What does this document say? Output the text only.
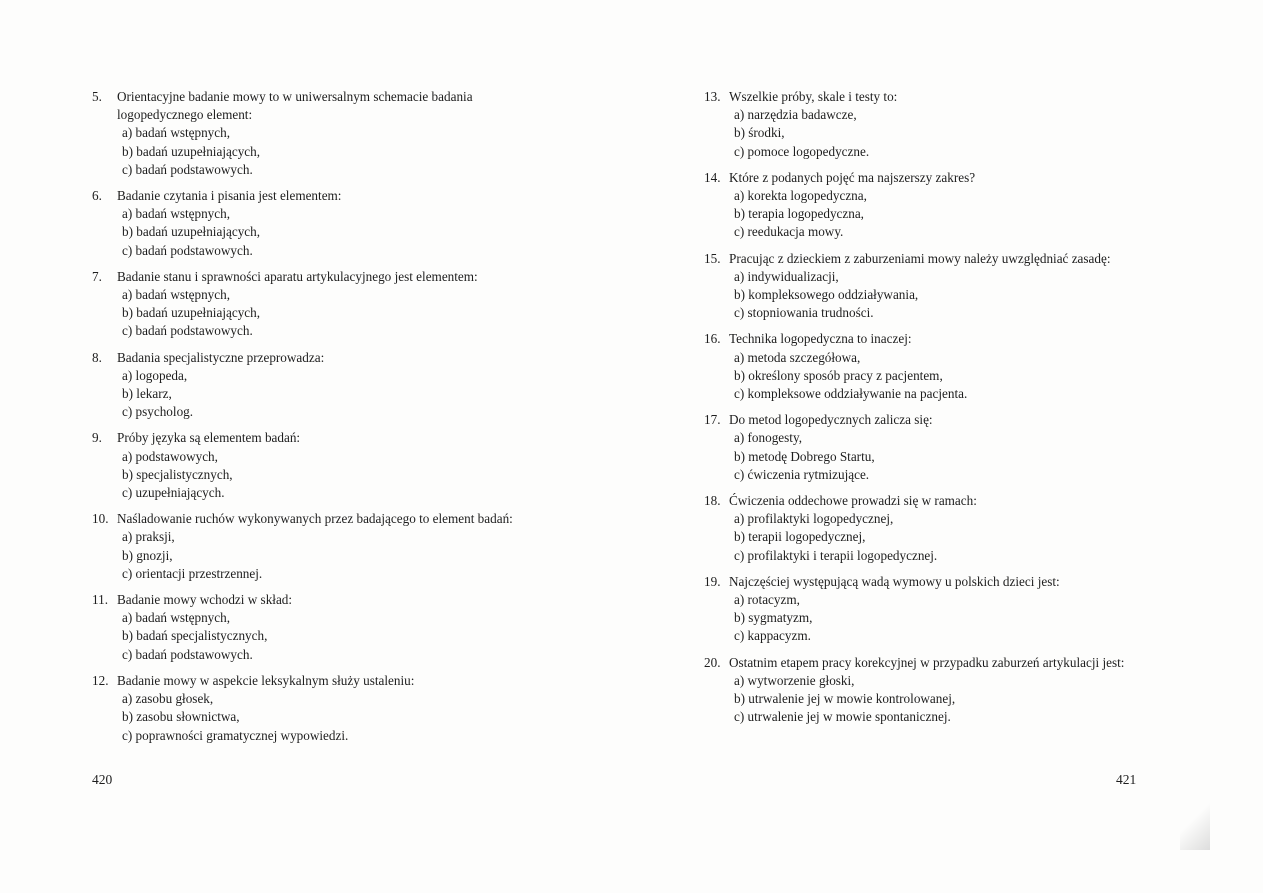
5.	Orientacyjne badanie mowy to w uniwersalnym schemacie badania logopedycznego element:
a) badań wstępnych,
b) badań uzupełniających,
c) badań podstawowych.
6.	Badanie czytania i pisania jest elementem:
a) badań wstępnych,
b) badań uzupełniających,
c) badań podstawowych.
7.	Badanie stanu i sprawności aparatu artykulacyjnego jest elementem:
a) badań wstępnych,
b) badań uzupełniających,
c) badań podstawowych.
8.	Badania specjalistyczne przeprowadza:
a) logopeda,
b) lekarz,
c) psycholog.
9.	Próby języka są elementem badań:
a) podstawowych,
b) specjalistycznych,
c) uzupełniających.
10. Naśladowanie ruchów wykonywanych przez badającego to element badań:
a) praksji,
b) gnozji,
c) orientacji przestrzennej.
11. Badanie mowy wchodzi w skład:
a) badań wstępnych,
b) badań specjalistycznych,
c) badań podstawowych.
12. Badanie mowy w aspekcie leksykalnym służy ustaleniu:
a) zasobu głosek,
b) zasobu słownictwa,
c) poprawności gramatycznej wypowiedzi.
13. Wszelkie próby, skale i testy to:
a) narzędzia badawcze,
b) środki,
c) pomoce logopedyczne.
14. Które z podanych pojęć ma najszerszy zakres?
a) korekta logopedyczna,
b) terapia logopedyczna,
c) reedukacja mowy.
15. Pracując z dzieckiem z zaburzeniami mowy należy uwzględniać zasadę:
a) indywidualizacji,
b) kompleksowego oddziaływania,
c) stopniowania trudności.
16. Technika logopedyczna to inaczej:
a) metoda szczegółowa,
b) określony sposób pracy z pacjentem,
c) kompleksowe oddziaływanie na pacjenta.
17. Do metod logopedycznych zalicza się:
a) fonogesty,
b) metodę Dobrego Startu,
c) ćwiczenia rytmizujące.
18. Ćwiczenia oddechowe prowadzi się w ramach:
a) profilaktyki logopedycznej,
b) terapii logopedycznej,
c) profilaktyki i terapii logopedycznej.
19. Najczęściej występującą wadą wymowy u polskich dzieci jest:
a) rotacyzm,
b) sygmatyzm,
c) kappacyzm.
20. Ostatnim etapem pracy korekcyjnej w przypadku zaburzeń artykulacji jest:
a) wytworzenie głoski,
b) utrwalenie jej w mowie kontrolowanej,
c) utrwalenie jej w mowie spontanicznej.
420	421
